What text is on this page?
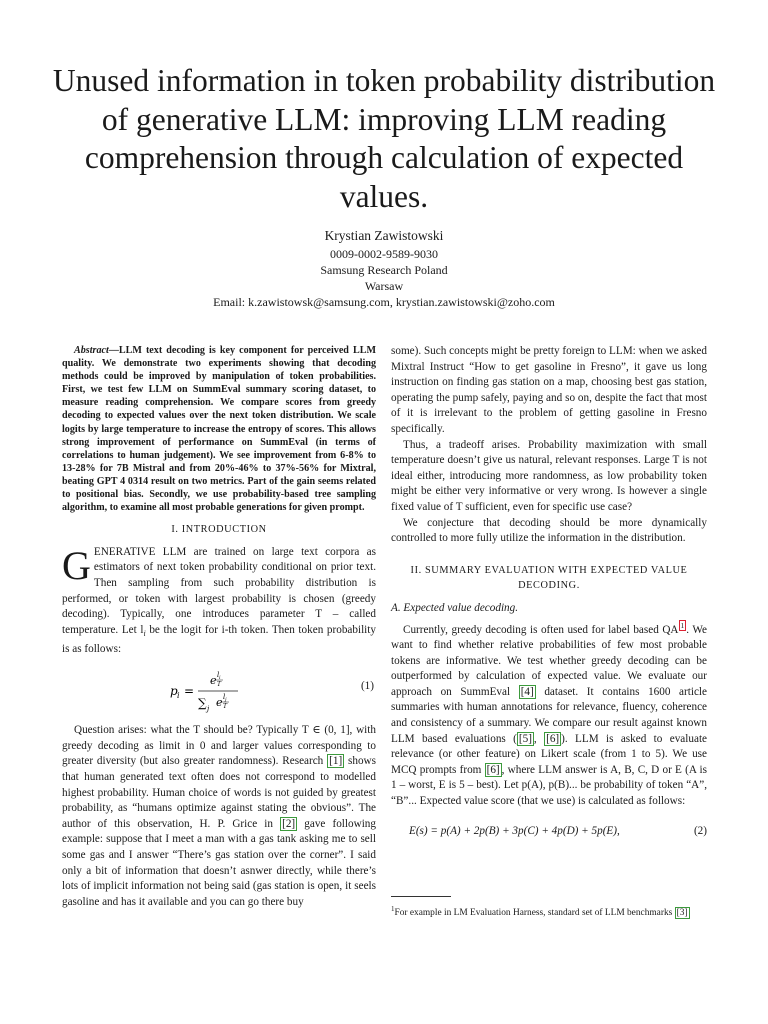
Unused information in token probability distribution of generative LLM: improving LLM reading comprehension through calculation of expected values.
Krystian Zawistowski
0009-0002-9589-9030
Samsung Research Poland
Warsaw
Email: k.zawistowsk@samsung.com, krystian.zawistowski@zoho.com

Abstract—LLM text decoding is key component for perceived LLM quality. We demonstrate two experiments showing that decoding methods could be improved by manipulation of token probabilities. First, we test few LLM on SummEval summary scoring dataset, to measure reading comprehension. We compare scores from greedy decoding to expected values over the next token distribution. We scale logits by large temperature to increase the entropy of scores. This allows strong improvement of performance on SummEval (in terms of correlations to human judgement). We see improvement from 6-8% to 13-28% for 7B Mistral and from 20%-46% to 37%-56% for Mixtral, beating GPT 4 0314 result on two metrics. Part of the gain seems related to positional bias. Secondly, we use probability-based tree sampling algorithm, to examine all most probable generations for given prompt.

I. INTRODUCTION

GENERATIVE LLM are trained on large text corpora as estimators of next token probability conditional on prior text. Then sampling from such probability distribution is performed, or token with largest probability is chosen (greedy decoding). Typically, one introduces parameter T – called temperature. Let $l_i$ be the logit for i-th token. Then token probability is as follows:

p i =
e l i
T
∑ j e l j
T
(1)

Question arises: what the T should be? Typically T ∈ (0, 1], with greedy decoding as limit in 0 and larger values corresponding to greater diversity (but also greater randomness). Research [1] shows that human generated text often does not correspond to modelled highest probability. Human choice of words is not guided by greatest probability, as “humans optimize against stating the obvious”. The author of this observation, H. P. Grice in [2] gave following example: suppose that I meet a man with a gas tank asking me to sell some gas and I answer “There’s gas station over the corner”. I said only a bit of information that doesn’t asnwer directly, while there’s lots of implicit information not being said (gas station is open, it seels gasoline and has it available and you can go there buy

some). Such concepts might be pretty foreign to LLM: when we asked Mixtral Instruct “How to get gasoline in Fresno”, it gave us long instruction on finding gas station on a map, choosing best gas station, operating the pump safely, paying and so on, despite the fact that most of it is irrelevant to the problem of getting gasoline in Fresno specifically.

Thus, a tradeoff arises. Probability maximization with small temperature doesn’t give us natural, relevant responses. Large T is not ideal either, introducing more randomness, as low probability token might be either very informative or very wrong. Is however a single fixed value of T sufficient, even for specific use case?

We conjecture that decoding should be more dynamically controlled to more fully utilize the information in the distribution.

II. SUMMARY EVALUATION WITH EXPECTED VALUE DECODING.
A. Expected value decoding.

Currently, greedy decoding is often used for label based QA $^1$ . We want to find whether relative probabilities of few most probable tokens are informative. We test whether greedy decoding can be outperformed by calculation of expected value. We evaluate our approach on SummEval [4] dataset. It contains 1600 article summaries with human annotations for relevance, fluency, coherence and consistency of a summary. We compare our result against known LLM based evaluations ( [5] , [6] ). LLM is asked to evaluate relevance (or other feature) on Likert scale (from 1 to 5). We use MCQ prompts from [6] , where LLM answer is A, B, C, D or E (A is 1 – worst, E is 5 – best). Let p(A), p(B)... be probability of token “A”, “B”... Expected value score (that we use) is calculated as follows:

E(s) = p(A) + 2p(B) + 3p(C) + 4p(D) + 5p(E),	(2)
$^1$For example in LM Evaluation Harness, standard set of LLM benchmarks [3]
